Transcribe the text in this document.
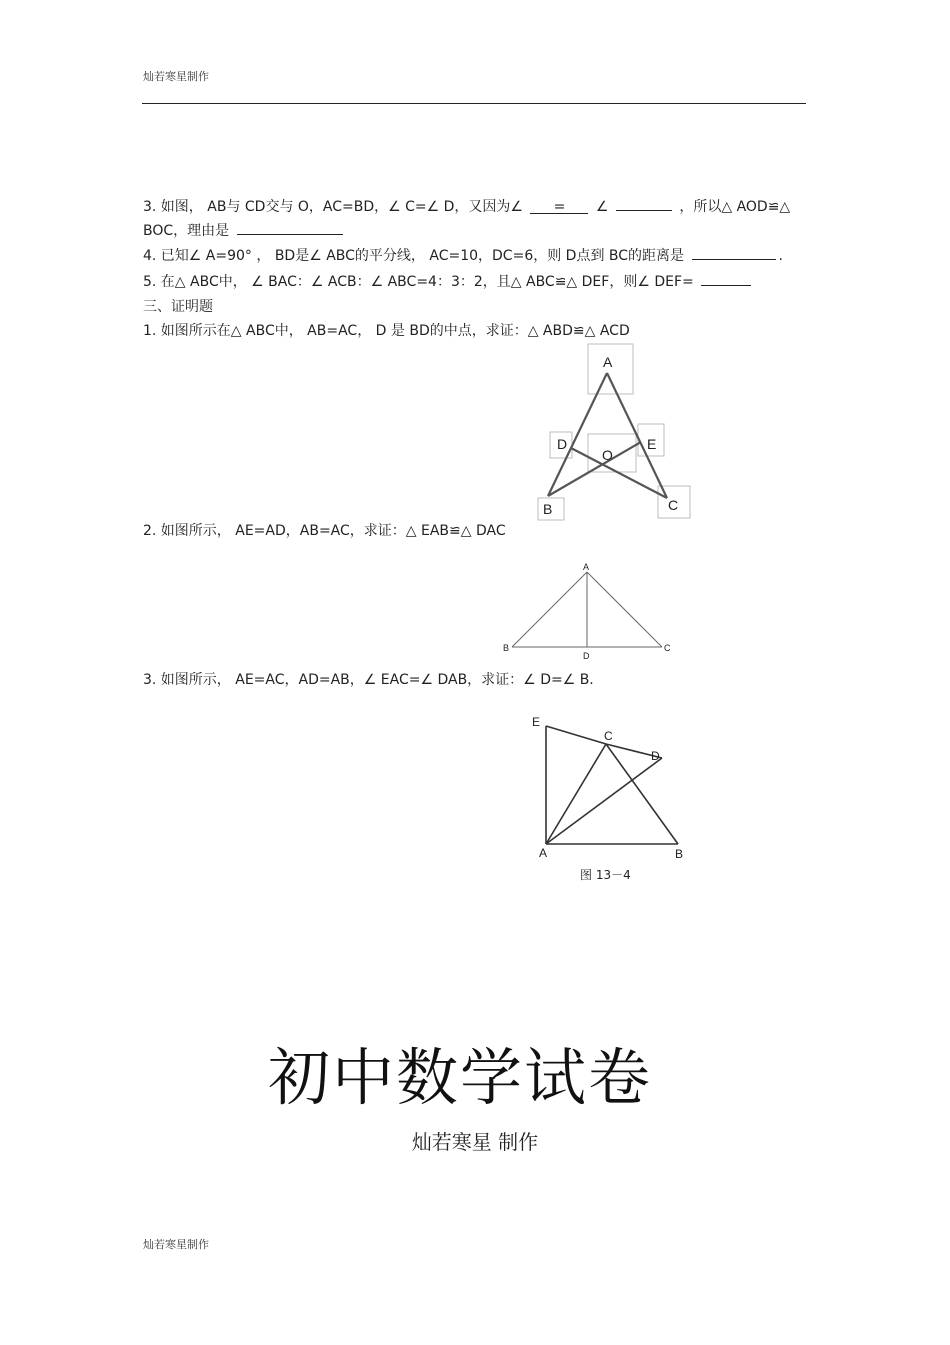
灿若寒星制作
3. 如图， AB与 CD交与 O，AC=BD，∠ C=∠ D，又因为∠ = ∠	，所以△ AOD≌△
BOC，理由是
4. 已知∠ A=90° ， BD是∠ ABC的平分线， AC=10，DC=6，则 D点到 BC的距离是	.
5. 在△ ABC中， ∠ BAC：∠ ACB：∠ ABC=4：3：2，且△ ABC≌△ DEF，则∠ DEF=
三、证明题
1. 如图所示在△ ABC中， AB=AC， D 是 BD的中点，求证：△ ABD≌△ ACD
A
D	E
O
B	C
2. 如图所示， AE=AD，AB=AC，求证：△ EAB≌△ DAC
A
B	C
D
3. 如图所示， AE=AC，AD=AB，∠ EAC=∠ DAB，求证：∠ D=∠ B.
E
C
D
A	B
图 13－4
初中数学试卷
灿若寒星 制作
灿若寒星制作
